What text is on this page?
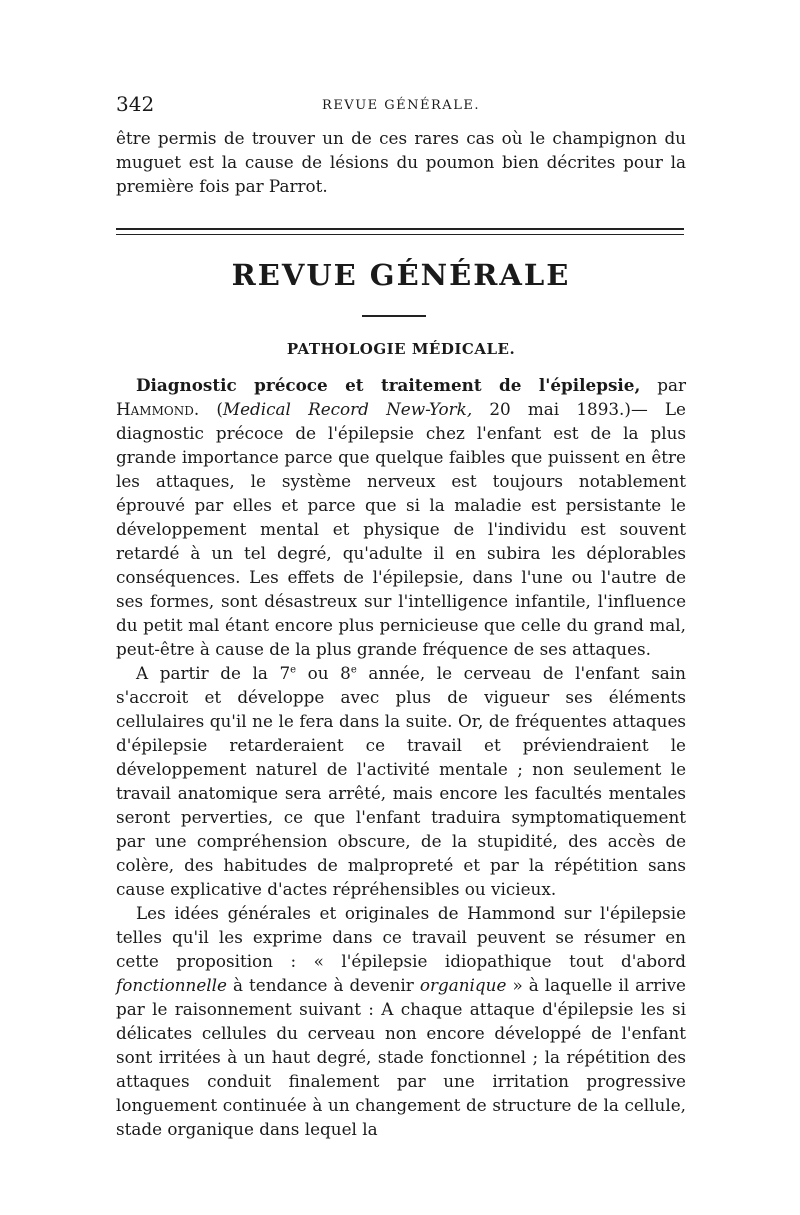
342	REVUE GÉNÉRALE.

être permis de trouver un de ces rares cas où le champignon du muguet est la cause de lésions du poumon bien décrites pour la première fois par Parrot.

REVUE GÉNÉRALE
PATHOLOGIE MÉDICALE.

Diagnostic précoce et traitement de l'épilepsie, par Hammond. (Medical Record New-York, 20 mai 1893.)— Le diagnostic précoce de l'épilepsie chez l'enfant est de la plus grande importance parce que quelque faibles que puissent en être les attaques, le système nerveux est toujours notablement éprouvé par elles et parce que si la maladie est persistante le développement mental et physique de l'individu est souvent retardé à un tel degré, qu'adulte il en subira les déplorables conséquences. Les effets de l'épilepsie, dans l'une ou l'autre de ses formes, sont désastreux sur l'intelligence infantile, l'influence du petit mal étant encore plus pernicieuse que celle du grand mal, peut-être à cause de la plus grande fréquence de ses attaques.

A partir de la 7e ou 8e année, le cerveau de l'enfant sain s'accroit et développe avec plus de vigueur ses éléments cellulaires qu'il ne le fera dans la suite. Or, de fréquentes attaques d'épilepsie retarderaient ce travail et préviendraient le développement naturel de l'activité mentale ; non seulement le travail anatomique sera arrêté, mais encore les facultés mentales seront perverties, ce que l'enfant traduira symptomatiquement par une compréhension obscure, de la stupidité, des accès de colère, des habitudes de malpropreté et par la répétition sans cause explicative d'actes répréhensibles ou vicieux.

Les idées générales et originales de Hammond sur l'épilepsie telles qu'il les exprime dans ce travail peuvent se résumer en cette proposition : « l'épilepsie idiopathique tout d'abord fonctionnelle à tendance à devenir organique » à laquelle il arrive par le raisonnement suivant : A chaque attaque d'épilepsie les si délicates cellules du cerveau non encore développé de l'enfant sont irritées à un haut degré, stade fonctionnel ; la répétition des attaques conduit finalement par une irritation progressive longuement continuée à un changement de structure de la cellule, stade organique dans lequel la
